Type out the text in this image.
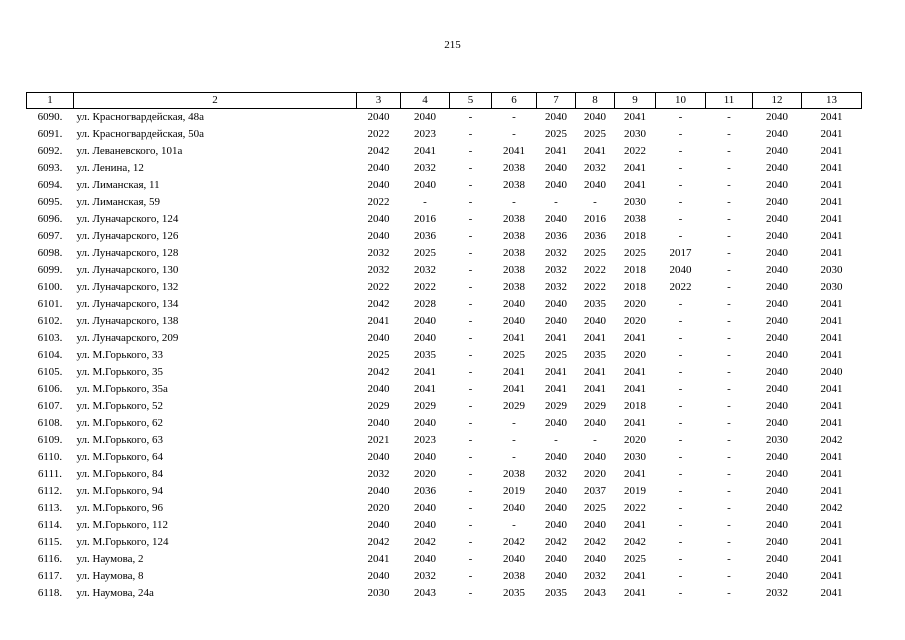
215
1	2	3	4	5	6	7	8	9	10	11	12	13
6090.	ул. Красногвардейская, 48а	2040	2040	-	-	2040	2040	2041	-	-	2040	2041
6091.	ул. Красногвардейская, 50а	2022	2023	-	-	2025	2025	2030	-	-	2040	2041
6092.	ул. Леваневского, 101а	2042	2041	-	2041	2041	2041	2022	-	-	2040	2041
6093.	ул. Ленина, 12	2040	2032	-	2038	2040	2032	2041	-	-	2040	2041
6094.	ул. Лиманская, 11	2040	2040	-	2038	2040	2040	2041	-	-	2040	2041
6095.	ул. Лиманская, 59	2022	-	-	-	-	-	2030	-	-	2040	2041
6096.	ул. Луначарского, 124	2040	2016	-	2038	2040	2016	2038	-	-	2040	2041
6097.	ул. Луначарского, 126	2040	2036	-	2038	2036	2036	2018	-	-	2040	2041
6098.	ул. Луначарского, 128	2032	2025	-	2038	2032	2025	2025	2017	-	2040	2041
6099.	ул. Луначарского, 130	2032	2032	-	2038	2032	2022	2018	2040	-	2040	2030
6100.	ул. Луначарского, 132	2022	2022	-	2038	2032	2022	2018	2022	-	2040	2030
6101.	ул. Луначарского, 134	2042	2028	-	2040	2040	2035	2020	-	-	2040	2041
6102.	ул. Луначарского, 138	2041	2040	-	2040	2040	2040	2020	-	-	2040	2041
6103.	ул. Луначарского, 209	2040	2040	-	2041	2041	2041	2041	-	-	2040	2041
6104.	ул. М.Горького, 33	2025	2035	-	2025	2025	2035	2020	-	-	2040	2041
6105.	ул. М.Горького, 35	2042	2041	-	2041	2041	2041	2041	-	-	2040	2040
6106.	ул. М.Горького, 35а	2040	2041	-	2041	2041	2041	2041	-	-	2040	2041
6107.	ул. М.Горького, 52	2029	2029	-	2029	2029	2029	2018	-	-	2040	2041
6108.	ул. М.Горького, 62	2040	2040	-	-	2040	2040	2041	-	-	2040	2041
6109.	ул. М.Горького, 63	2021	2023	-	-	-	-	2020	-	-	2030	2042
6110.	ул. М.Горького, 64	2040	2040	-	-	2040	2040	2030	-	-	2040	2041
6111.	ул. М.Горького, 84	2032	2020	-	2038	2032	2020	2041	-	-	2040	2041
6112.	ул. М.Горького, 94	2040	2036	-	2019	2040	2037	2019	-	-	2040	2041
6113.	ул. М.Горького, 96	2020	2040	-	2040	2040	2025	2022	-	-	2040	2042
6114.	ул. М.Горького, 112	2040	2040	-	-	2040	2040	2041	-	-	2040	2041
6115.	ул. М.Горького, 124	2042	2042	-	2042	2042	2042	2042	-	-	2040	2041
6116.	ул. Наумова, 2	2041	2040	-	2040	2040	2040	2025	-	-	2040	2041
6117.	ул. Наумова, 8	2040	2032	-	2038	2040	2032	2041	-	-	2040	2041
6118.	ул. Наумова, 24а	2030	2043	-	2035	2035	2043	2041	-	-	2032	2041
